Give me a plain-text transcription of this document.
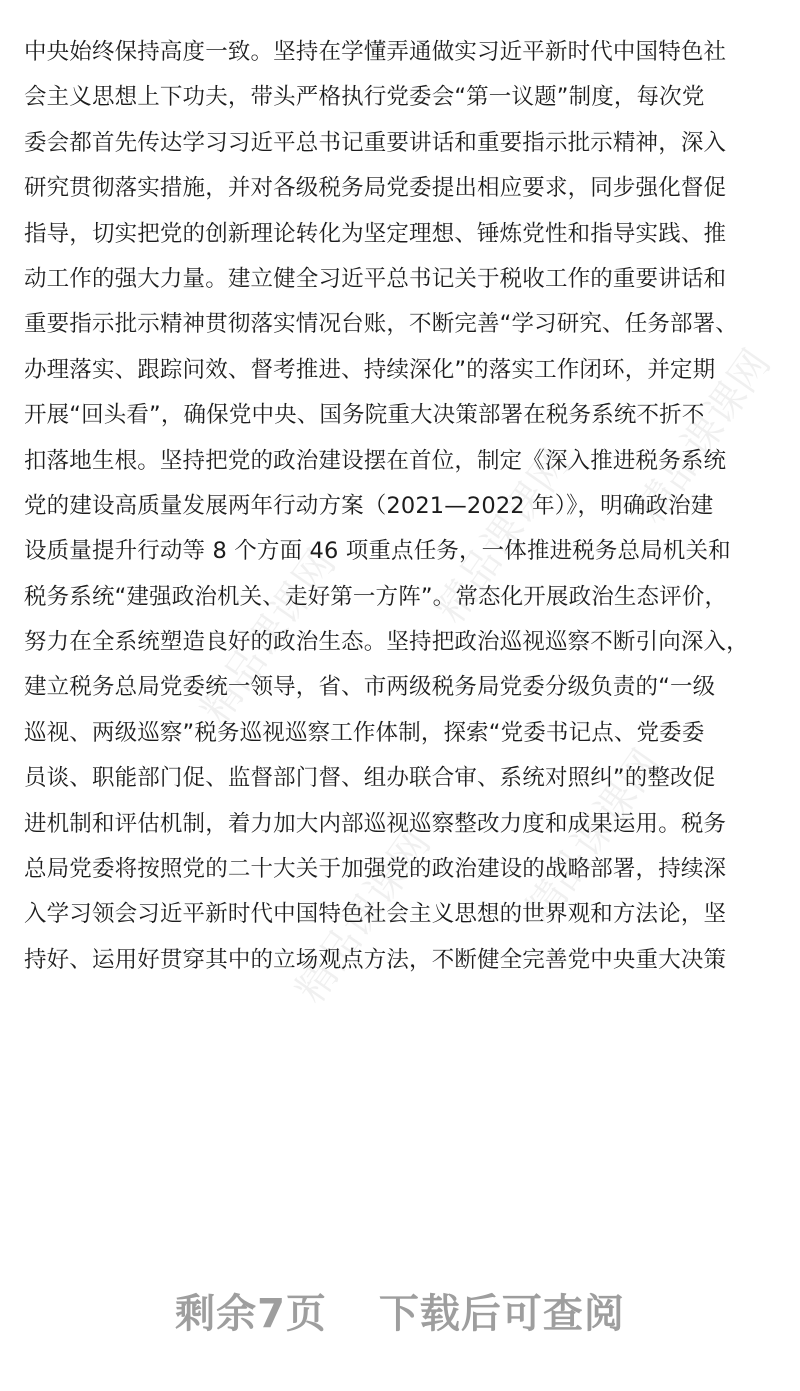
精品课课网
精品课课网
精品课课网
精品课课网 精品课课网
中央始终保持高度一致。坚持在学懂弄通做实习近平新时代中国特色社
会主义思想上下功夫，带头严格执行党委会“第一议题”制度，每次党
委会都首先传达学习习近平总书记重要讲话和重要指示批示精神，深入
研究贯彻落实措施，并对各级税务局党委提出相应要求，同步强化督促
指导，切实把党的创新理论转化为坚定理想、锤炼党性和指导实践、推
动工作的强大力量。建立健全习近平总书记关于税收工作的重要讲话和
重要指示批示精神贯彻落实情况台账，不断完善“学习研究、任务部署、
办理落实、跟踪问效、督考推进、持续深化”的落实工作闭环，并定期
开展“回头看”，确保党中央、国务院重大决策部署在税务系统不折不
扣落地生根。坚持把党的政治建设摆在首位，制定《深入推进税务系统
党的建设高质量发展两年行动方案（2021—2022 年）》，明确政治建
设质量提升行动等 8 个方面 46 项重点任务，一体推进税务总局机关和
税务系统“建强政治机关、走好第一方阵”。常态化开展政治生态评价，
努力在全系统塑造良好的政治生态。坚持把政治巡视巡察不断引向深入，
建立税务总局党委统一领导，省、市两级税务局党委分级负责的“一级
巡视、两级巡察”税务巡视巡察工作体制，探索“党委书记点、党委委
员谈、职能部门促、监督部门督、组办联合审、系统对照纠”的整改促
进机制和评估机制，着力加大内部巡视巡察整改力度和成果运用。税务
总局党委将按照党的二十大关于加强党的政治建设的战略部署，持续深
入学习领会习近平新时代中国特色社会主义思想的世界观和方法论，坚
持好、运用好贯穿其中的立场观点方法，不断健全完善党中央重大决策
剩余7页 下载后可查阅
